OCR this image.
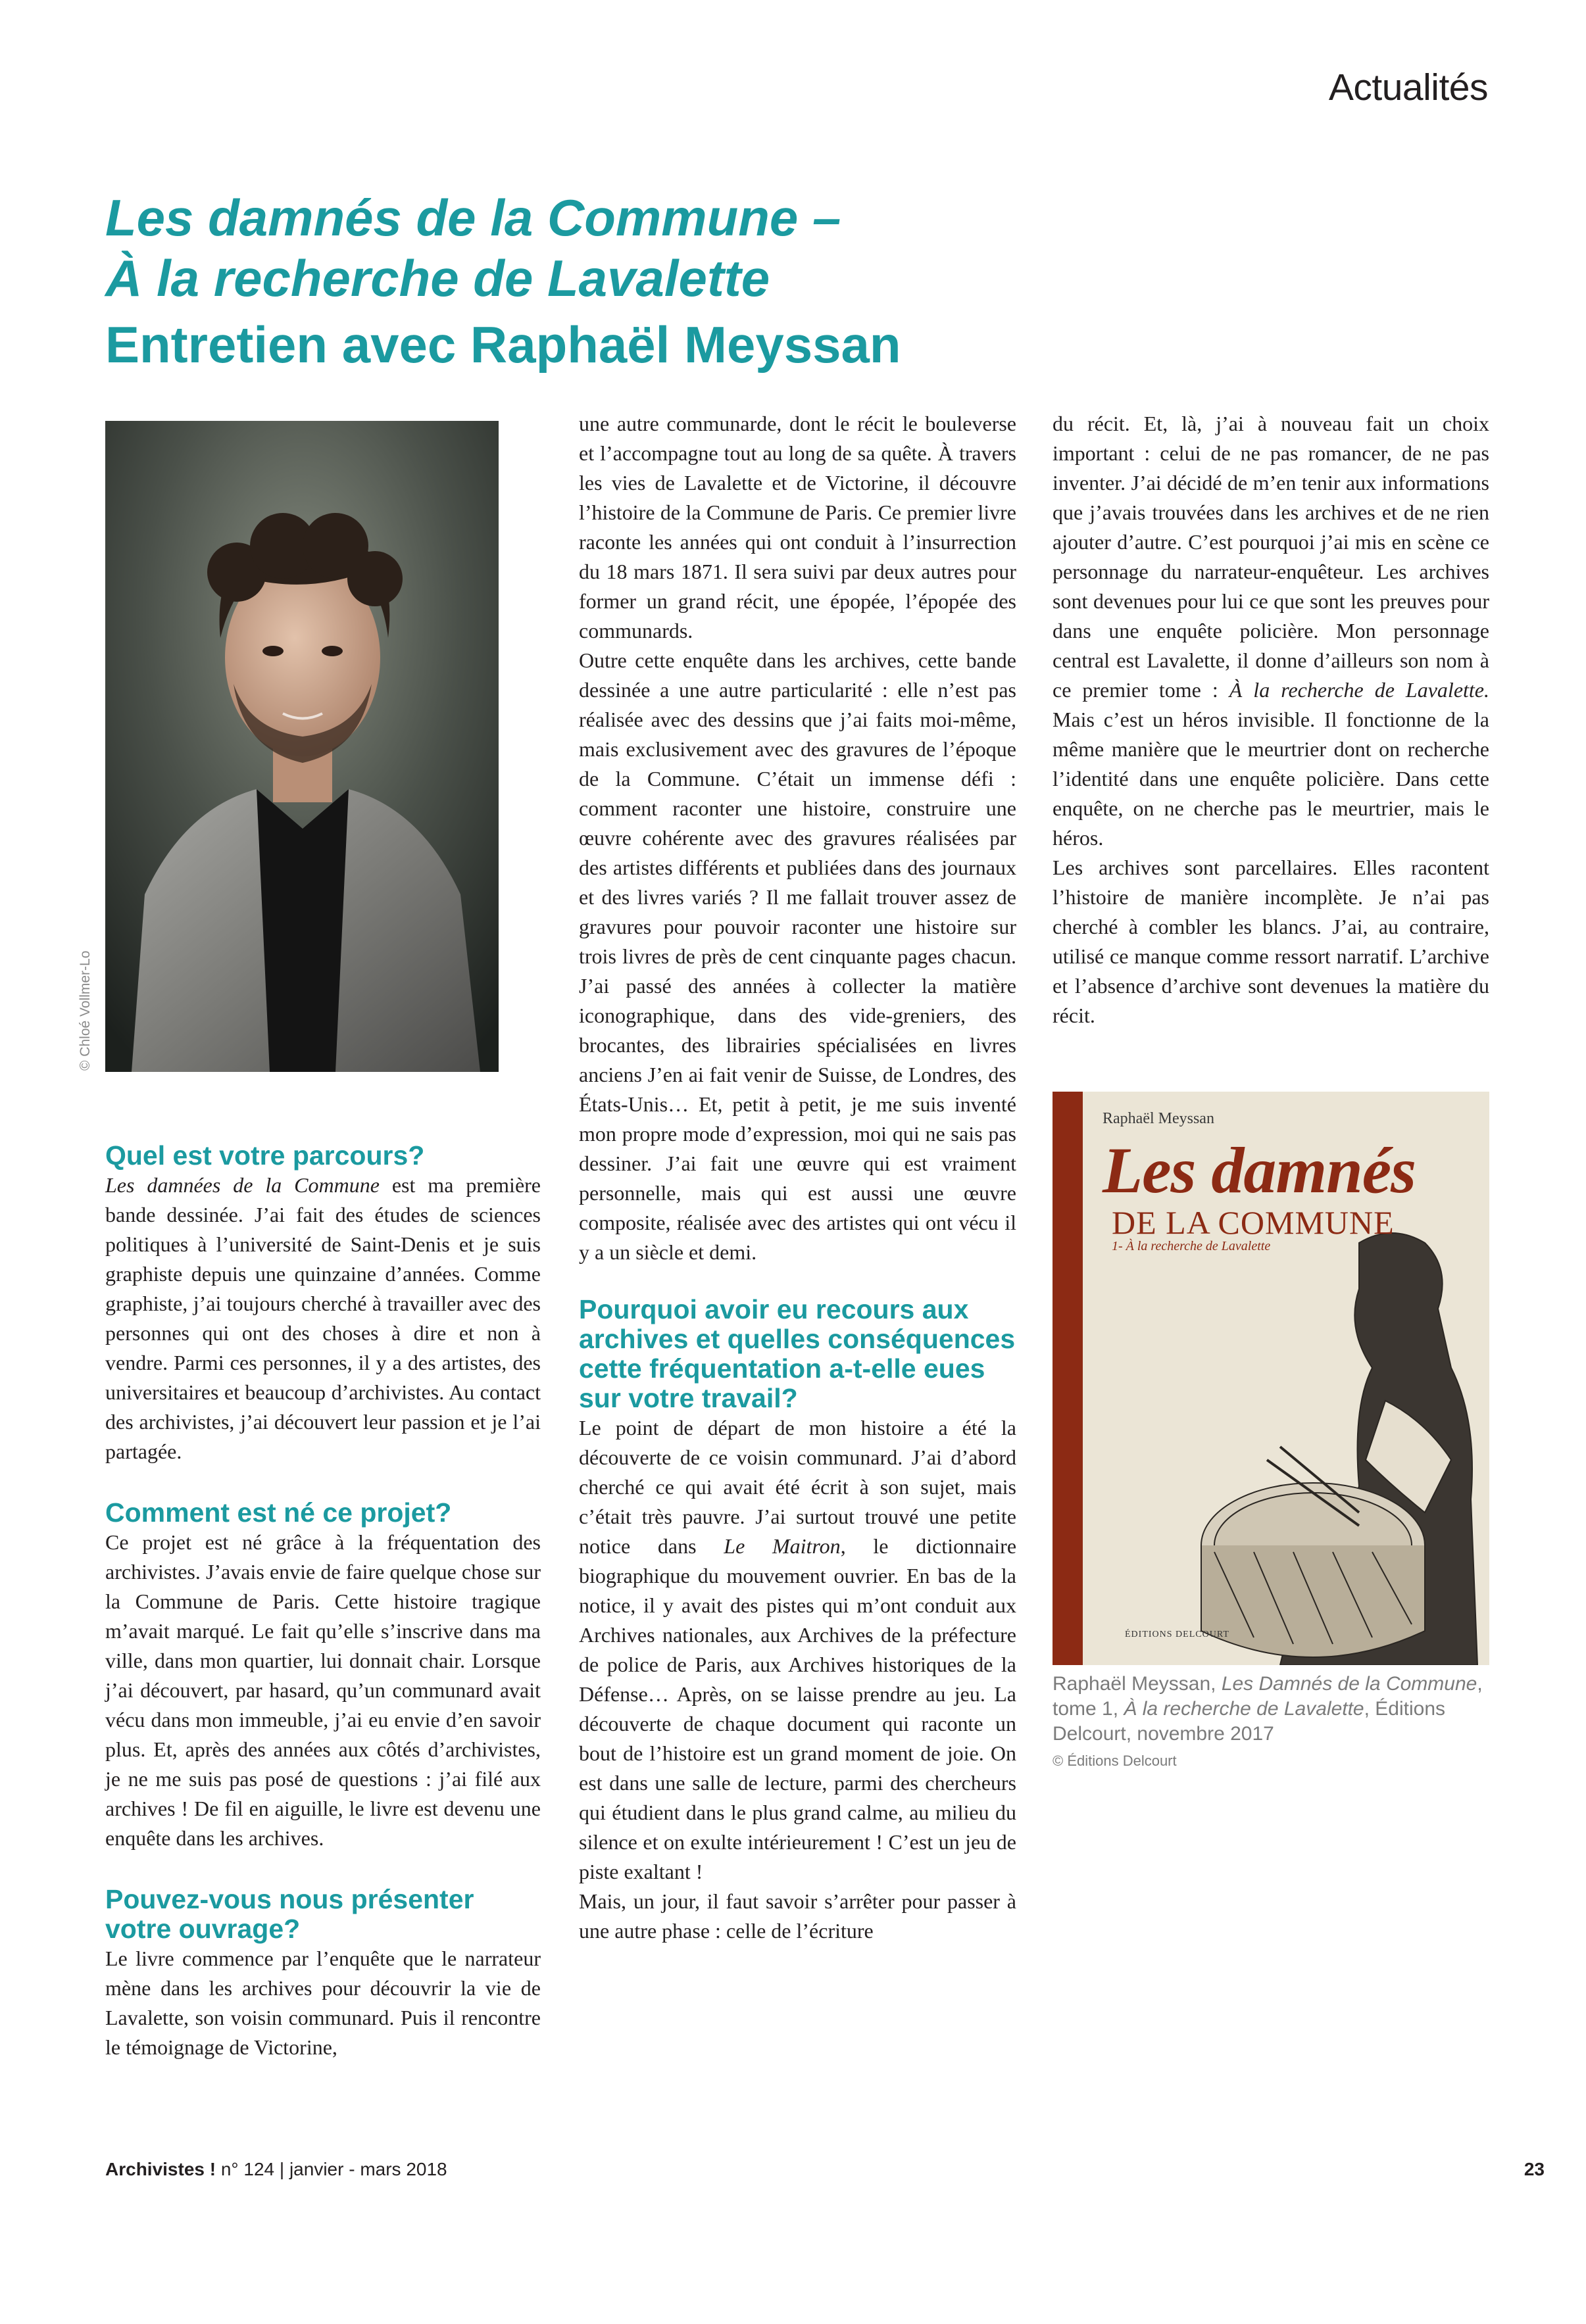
Actualités
Les damnés de la Commune –
À la recherche de Lavalette
Entretien avec Raphaël Meyssan
© Chloé Vollmer-Lo
Quel est votre parcours?

Les damnées de la Commune est ma première bande dessinée. J’ai fait des études de sciences politiques à l’université de Saint-Denis et je suis graphiste depuis une quinzaine d’années. Comme graphiste, j’ai toujours cherché à travailler avec des personnes qui ont des choses à dire et non à vendre. Parmi ces personnes, il y a des artistes, des universitaires et beaucoup d’archivistes. Au contact des archivistes, j’ai découvert leur passion et je l’ai partagée.

Comment est né ce projet?

Ce projet est né grâce à la fréquentation des archivistes. J’avais envie de faire quelque chose sur la Commune de Paris. Cette histoire tragique m’avait marqué. Le fait qu’elle s’inscrive dans ma ville, dans mon quartier, lui donnait chair. Lorsque j’ai découvert, par hasard, qu’un communard avait vécu dans mon immeuble, j’ai eu envie d’en savoir plus. Et, après des années aux côtés d’archivistes, je ne me suis pas posé de questions : j’ai filé aux archives ! De fil en aiguille, le livre est devenu une enquête dans les archives.

Pouvez-vous nous présenter votre ouvrage?

Le livre commence par l’enquête que le narrateur mène dans les archives pour découvrir la vie de Lavalette, son voisin communard. Puis il rencontre le témoignage de Victorine,

une autre communarde, dont le récit le bouleverse et l’accompagne tout au long de sa quête. À travers les vies de Lavalette et de Victorine, il découvre l’histoire de la Commune de Paris. Ce premier livre raconte les années qui ont conduit à l’insurrection du 18 mars 1871. Il sera suivi par deux autres pour former un grand récit, une épopée, l’épopée des communards.

Outre cette enquête dans les archives, cette bande dessinée a une autre particularité : elle n’est pas réalisée avec des dessins que j’ai faits moi-même, mais exclusivement avec des gravures de l’époque de la Commune. C’était un immense défi : comment raconter une histoire, construire une œuvre cohérente avec des gravures réalisées par des artistes différents et publiées dans des journaux et des livres variés ? Il me fallait trouver assez de gravures pour pouvoir raconter une histoire sur trois livres de près de cent cinquante pages chacun. J’ai passé des années à collecter la matière iconographique, dans des vide-greniers, des brocantes, des librairies spécialisées en livres anciens J’en ai fait venir de Suisse, de Londres, des États-Unis… Et, petit à petit, je me suis inventé mon propre mode d’expression, moi qui ne sais pas dessiner. J’ai fait une œuvre qui est vraiment personnelle, mais qui est aussi une œuvre composite, réalisée avec des artistes qui ont vécu il y a un siècle et demi.

Pourquoi avoir eu recours aux archives et quelles conséquences cette fréquentation a-t-elle eues sur votre travail?

Le point de départ de mon histoire a été la découverte de ce voisin communard. J’ai d’abord cherché ce qui avait été écrit à son sujet, mais c’était très pauvre. J’ai surtout trouvé une petite notice dans Le Maitron, le dictionnaire biographique du mouvement ouvrier. En bas de la notice, il y avait des pistes qui m’ont conduit aux Archives nationales, aux Archives de la préfecture de police de Paris, aux Archives historiques de la Défense… Après, on se laisse prendre au jeu. La découverte de chaque document qui raconte un bout de l’histoire est un grand moment de joie. On est dans une salle de lecture, parmi des chercheurs qui étudient dans le plus grand calme, au milieu du silence et on exulte intérieurement ! C’est un jeu de piste exaltant !

Mais, un jour, il faut savoir s’arrêter pour passer à une autre phase : celle de l’écriture

du récit. Et, là, j’ai à nouveau fait un choix important : celui de ne pas romancer, de ne pas inventer. J’ai décidé de m’en tenir aux informations que j’avais trouvées dans les archives et de ne rien ajouter d’autre. C’est pourquoi j’ai mis en scène ce personnage du narrateur-enquêteur. Les archives sont devenues pour lui ce que sont les preuves pour dans une enquête policière. Mon personnage central est Lavalette, il donne d’ailleurs son nom à ce premier tome : À la recherche de Lavalette. Mais c’est un héros invisible. Il fonctionne de la même manière que le meurtrier dont on recherche l’identité dans une enquête policière. Dans cette enquête, on ne cherche pas le meurtrier, mais le héros.

Les archives sont parcellaires. Elles racontent l’histoire de manière incomplète. Je n’ai pas cherché à combler les blancs. J’ai, au contraire, utilisé ce manque comme ressort narratif. L’archive et l’absence d’archive sont devenues la matière du récit.

Raphaël Meyssan
Les damnés
DE LA COMMUNE
1- À la recherche de Lavalette
ÉDITIONS DELCOURT
Raphaël Meyssan, Les Damnés de la Commune, tome 1, À la recherche de Lavalette, Éditions Delcourt, novembre 2017
© Éditions Delcourt
Archivistes ! n° 124 | janvier - mars 2018	23
